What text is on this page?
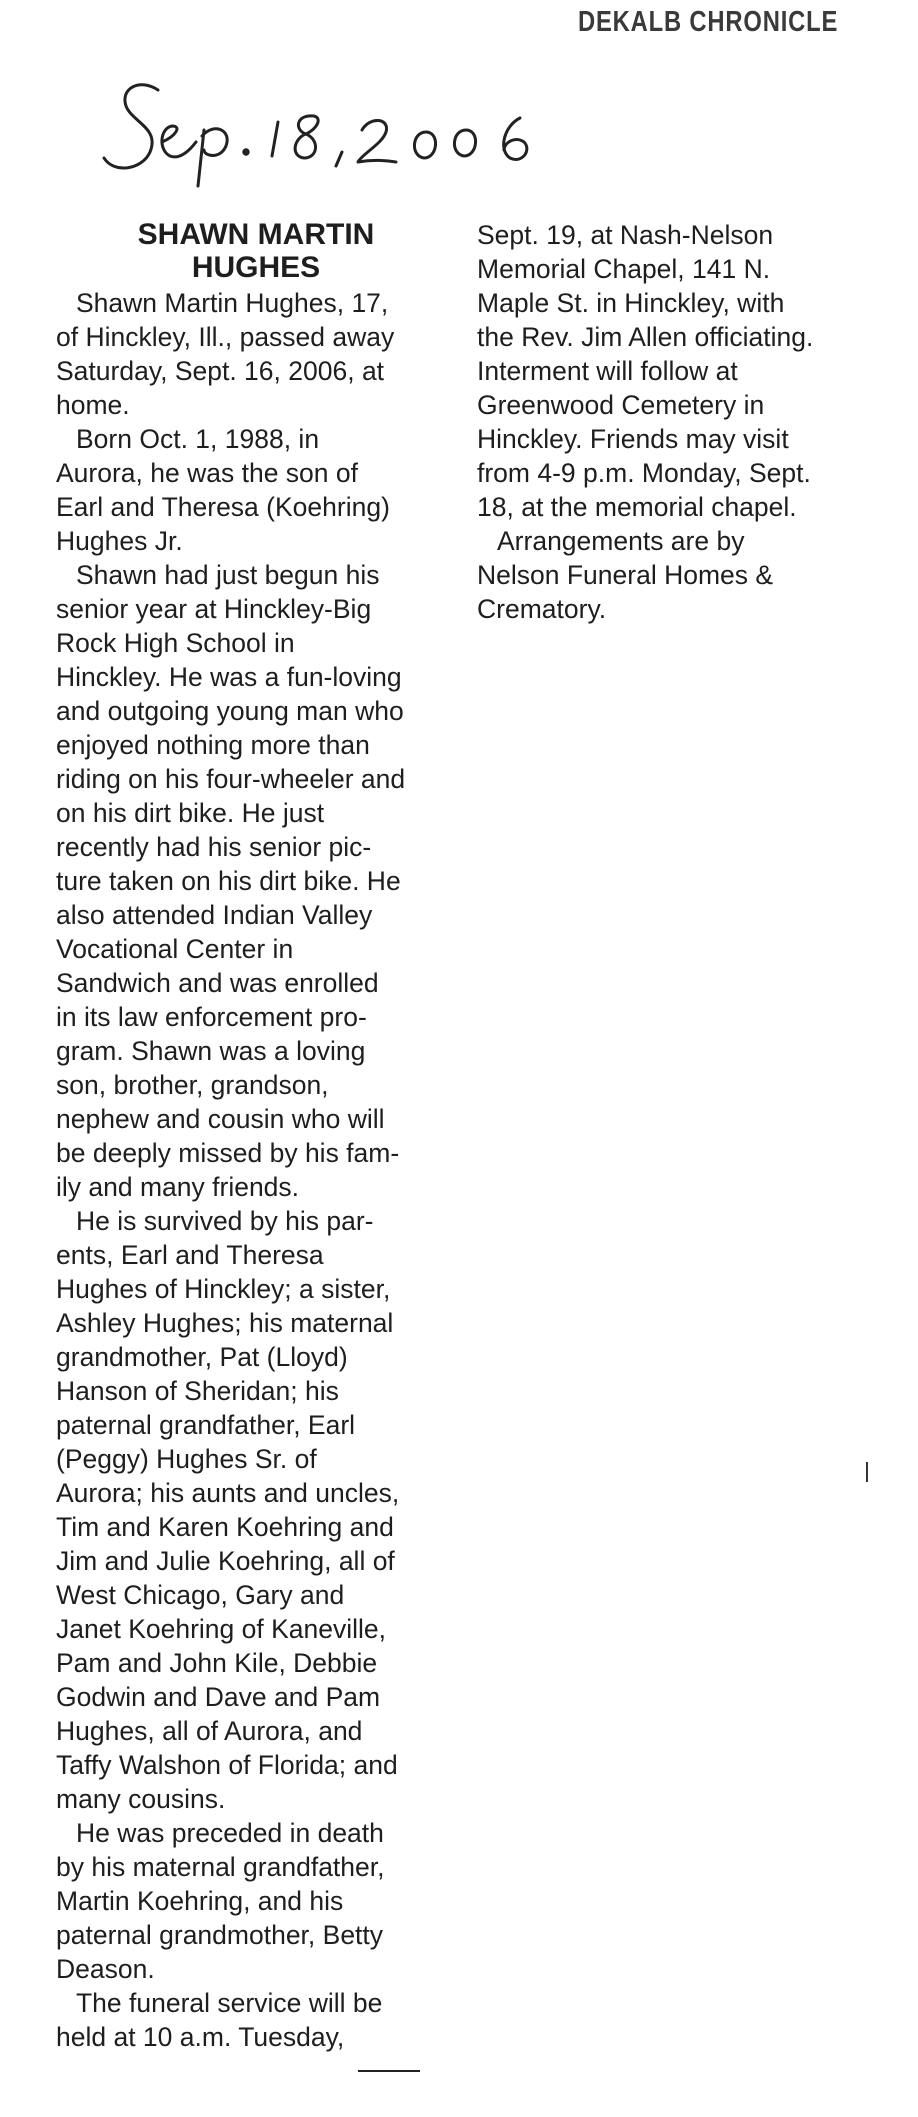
DEKALB CHRONICLE
SHAWN MARTIN
HUGHES

Shawn Martin Hughes, 17,
of Hinckley, Ill., passed away
Saturday, Sept. 16, 2006, at
home.

Born Oct. 1, 1988, in
Aurora, he was the son of
Earl and Theresa (Koehring)
Hughes Jr.

Shawn had just begun his
senior year at Hinckley-Big
Rock High School in
Hinckley. He was a fun-loving
and outgoing young man who
enjoyed nothing more than
riding on his four-wheeler and
on his dirt bike. He just
recently had his senior pic-
ture taken on his dirt bike. He
also attended Indian Valley
Vocational Center in
Sandwich and was enrolled
in its law enforcement pro-
gram. Shawn was a loving
son, brother, grandson,
nephew and cousin who will
be deeply missed by his fam-
ily and many friends.

He is survived by his par-
ents, Earl and Theresa
Hughes of Hinckley; a sister,
Ashley Hughes; his maternal
grandmother, Pat (Lloyd)
Hanson of Sheridan; his
paternal grandfather, Earl
(Peggy) Hughes Sr. of
Aurora; his aunts and uncles,
Tim and Karen Koehring and
Jim and Julie Koehring, all of
West Chicago, Gary and
Janet Koehring of Kaneville,
Pam and John Kile, Debbie
Godwin and Dave and Pam
Hughes, all of Aurora, and
Taffy Walshon of Florida; and
many cousins.

He was preceded in death
by his maternal grandfather,
Martin Koehring, and his
paternal grandmother, Betty
Deason.

The funeral service will be
held at 10 a.m. Tuesday,

Sept. 19, at Nash-Nelson
Memorial Chapel, 141 N.
Maple St. in Hinckley, with
the Rev. Jim Allen officiating.
Interment will follow at
Greenwood Cemetery in
Hinckley. Friends may visit
from 4-9 p.m. Monday, Sept.
18, at the memorial chapel.

Arrangements are by
Nelson Funeral Homes &
Crematory.
